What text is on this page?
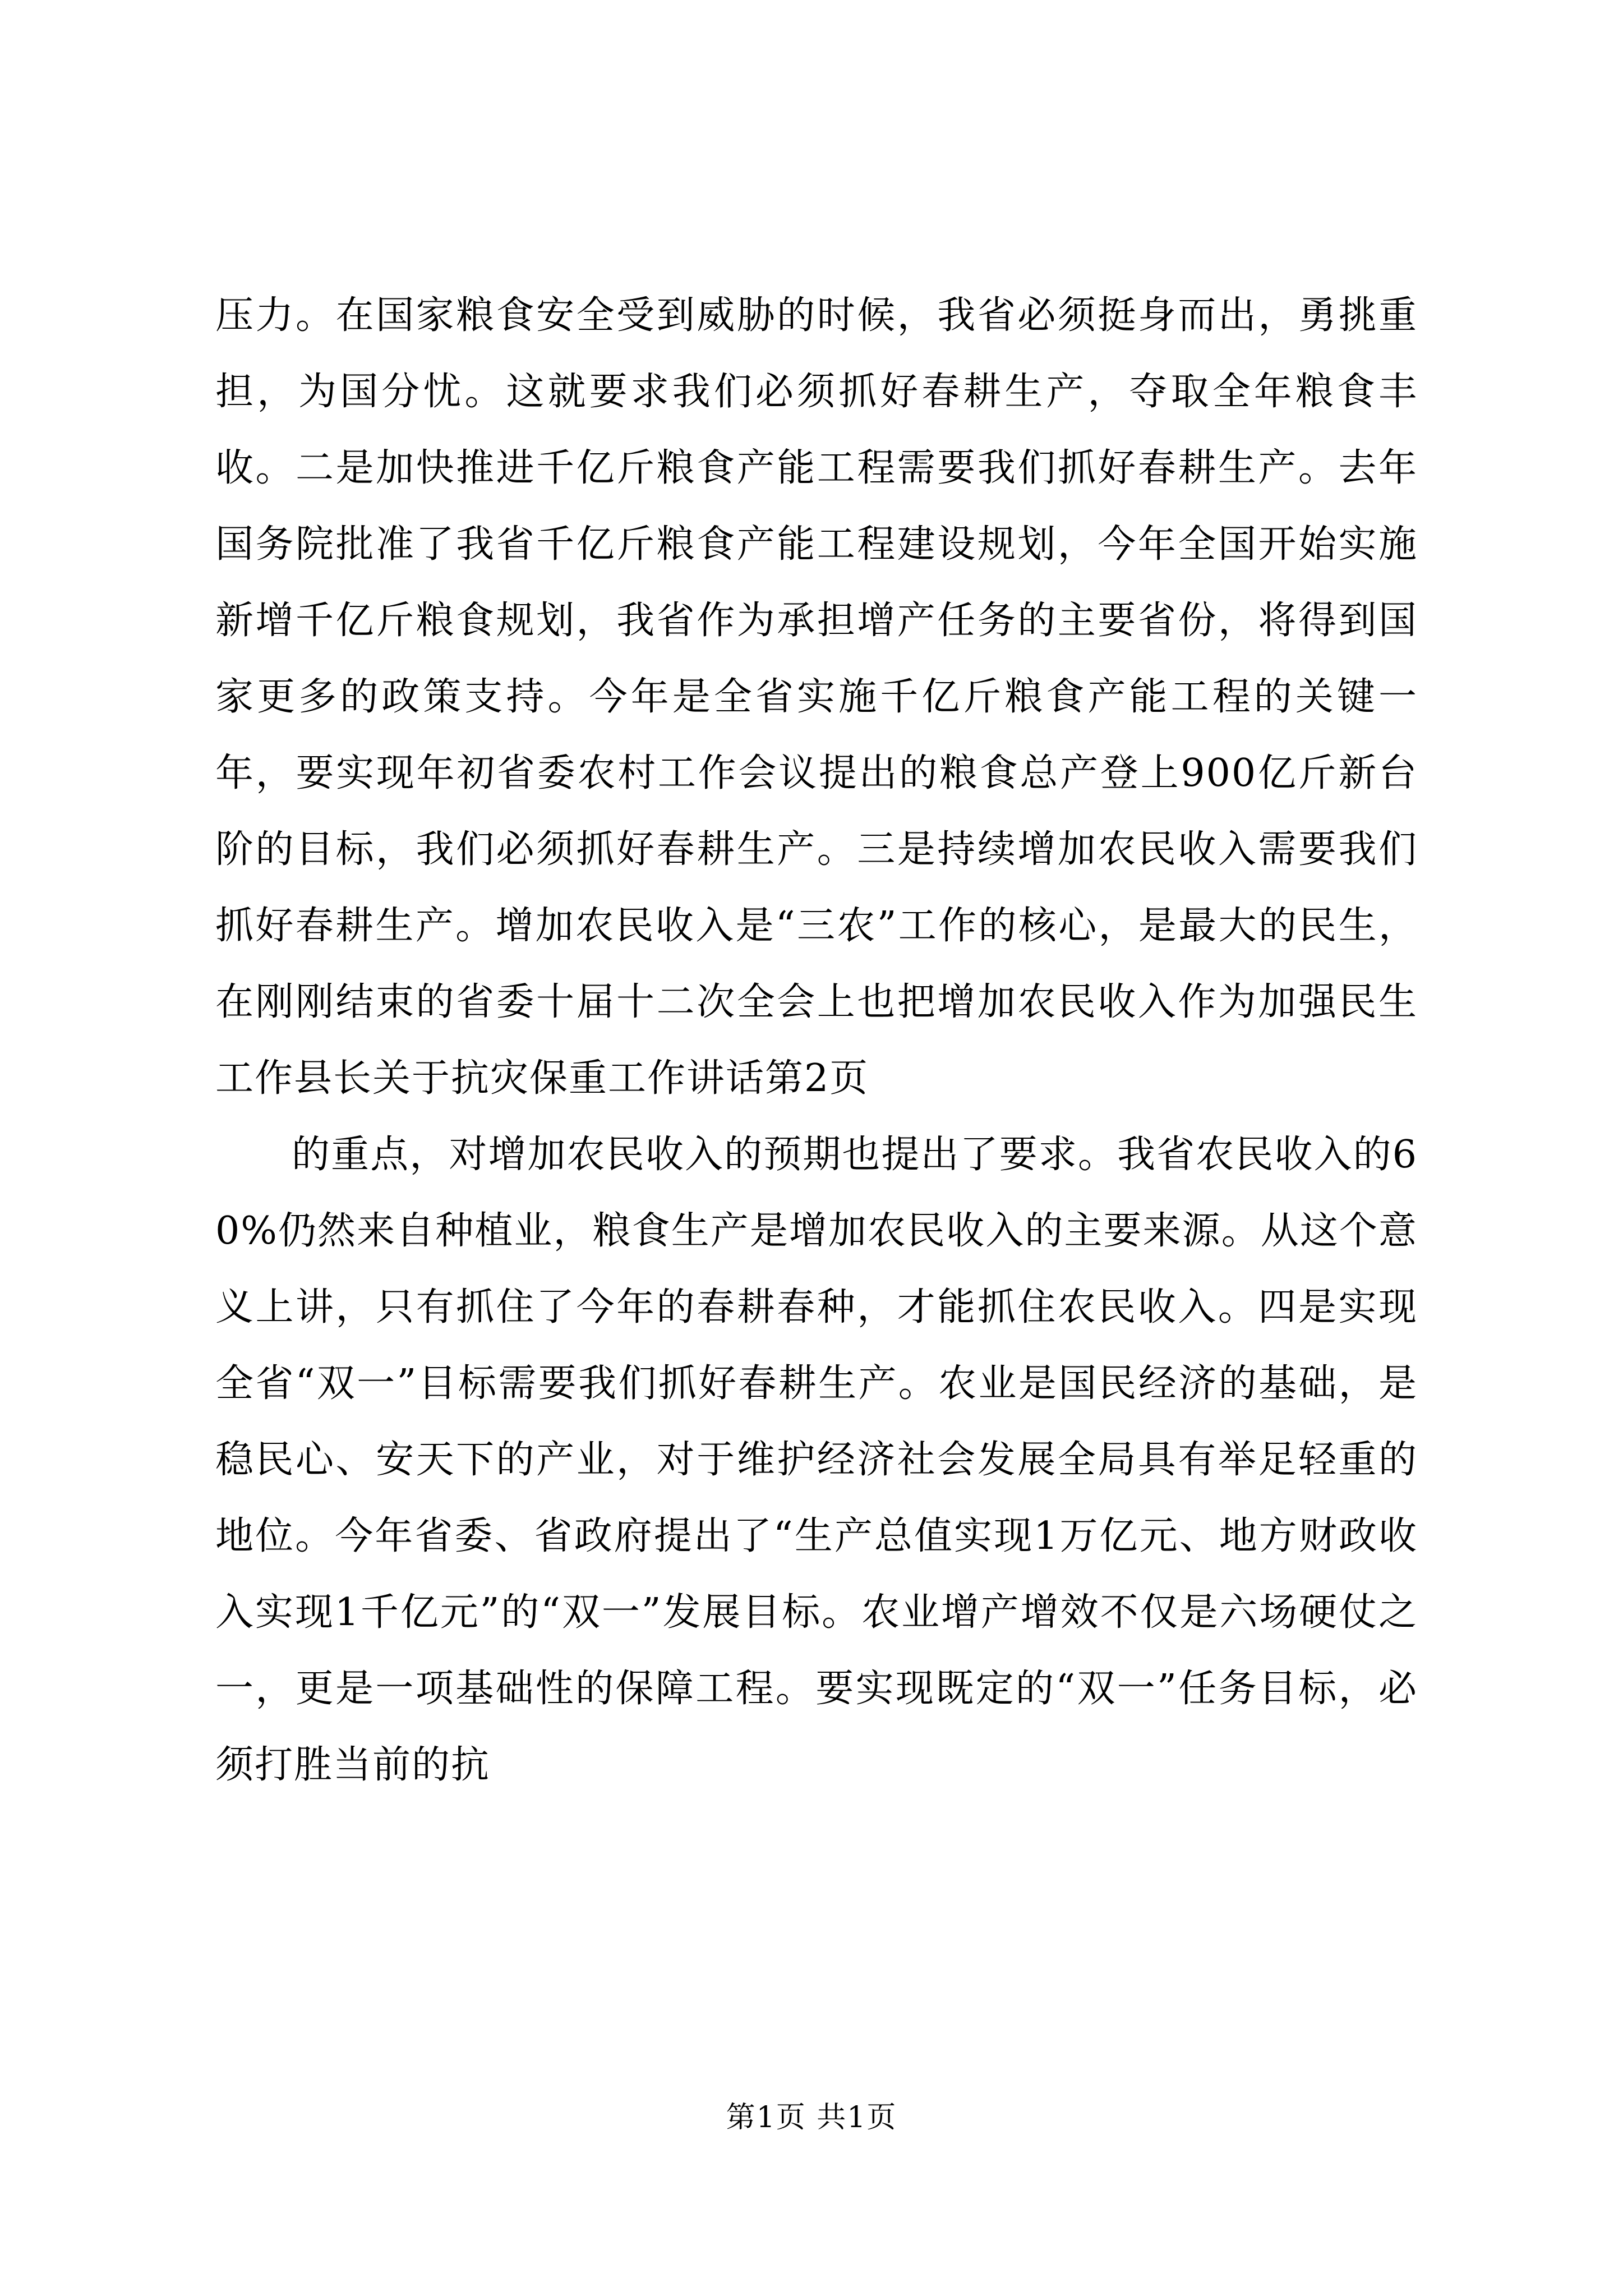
压力。在国家粮食安全受到威胁的时候，我省必须挺身而出，勇挑重担，为国分忧。这就要求我们必须抓好春耕生产，夺取全年粮食丰收。二是加快推进千亿斤粮食产能工程需要我们抓好春耕生产。去年国务院批准了我省千亿斤粮食产能工程建设规划，今年全国开始实施新增千亿斤粮食规划，我省作为承担增产任务的主要省份，将得到国家更多的政策支持。今年是全省实施千亿斤粮食产能工程的关键一年，要实现年初省委农村工作会议提出的粮食总产登上900亿斤新台阶的目标，我们必须抓好春耕生产。三是持续增加农民收入需要我们抓好春耕生产。增加农民收入是“三农”工作的核心，是最大的民生，在刚刚结束的省委十届十二次全会上也把增加农民收入作为加强民生工作县长关于抗灾保重工作讲话第2页

的重点，对增加农民收入的预期也提出了要求。我省农民收入的60%仍然来自种植业，粮食生产是增加农民收入的主要来源。从这个意义上讲，只有抓住了今年的春耕春种，才能抓住农民收入。四是实现全省“双一”目标需要我们抓好春耕生产。农业是国民经济的基础，是稳民心、安天下的产业，对于维护经济社会发展全局具有举足轻重的地位。今年省委、省政府提出了“生产总值实现1万亿元、地方财政收入实现1千亿元”的“双一”发展目标。农业增产增效不仅是六场硬仗之一，更是一项基础性的保障工程。要实现既定的“双一”任务目标，必须打胜当前的抗

第1页 共1页
